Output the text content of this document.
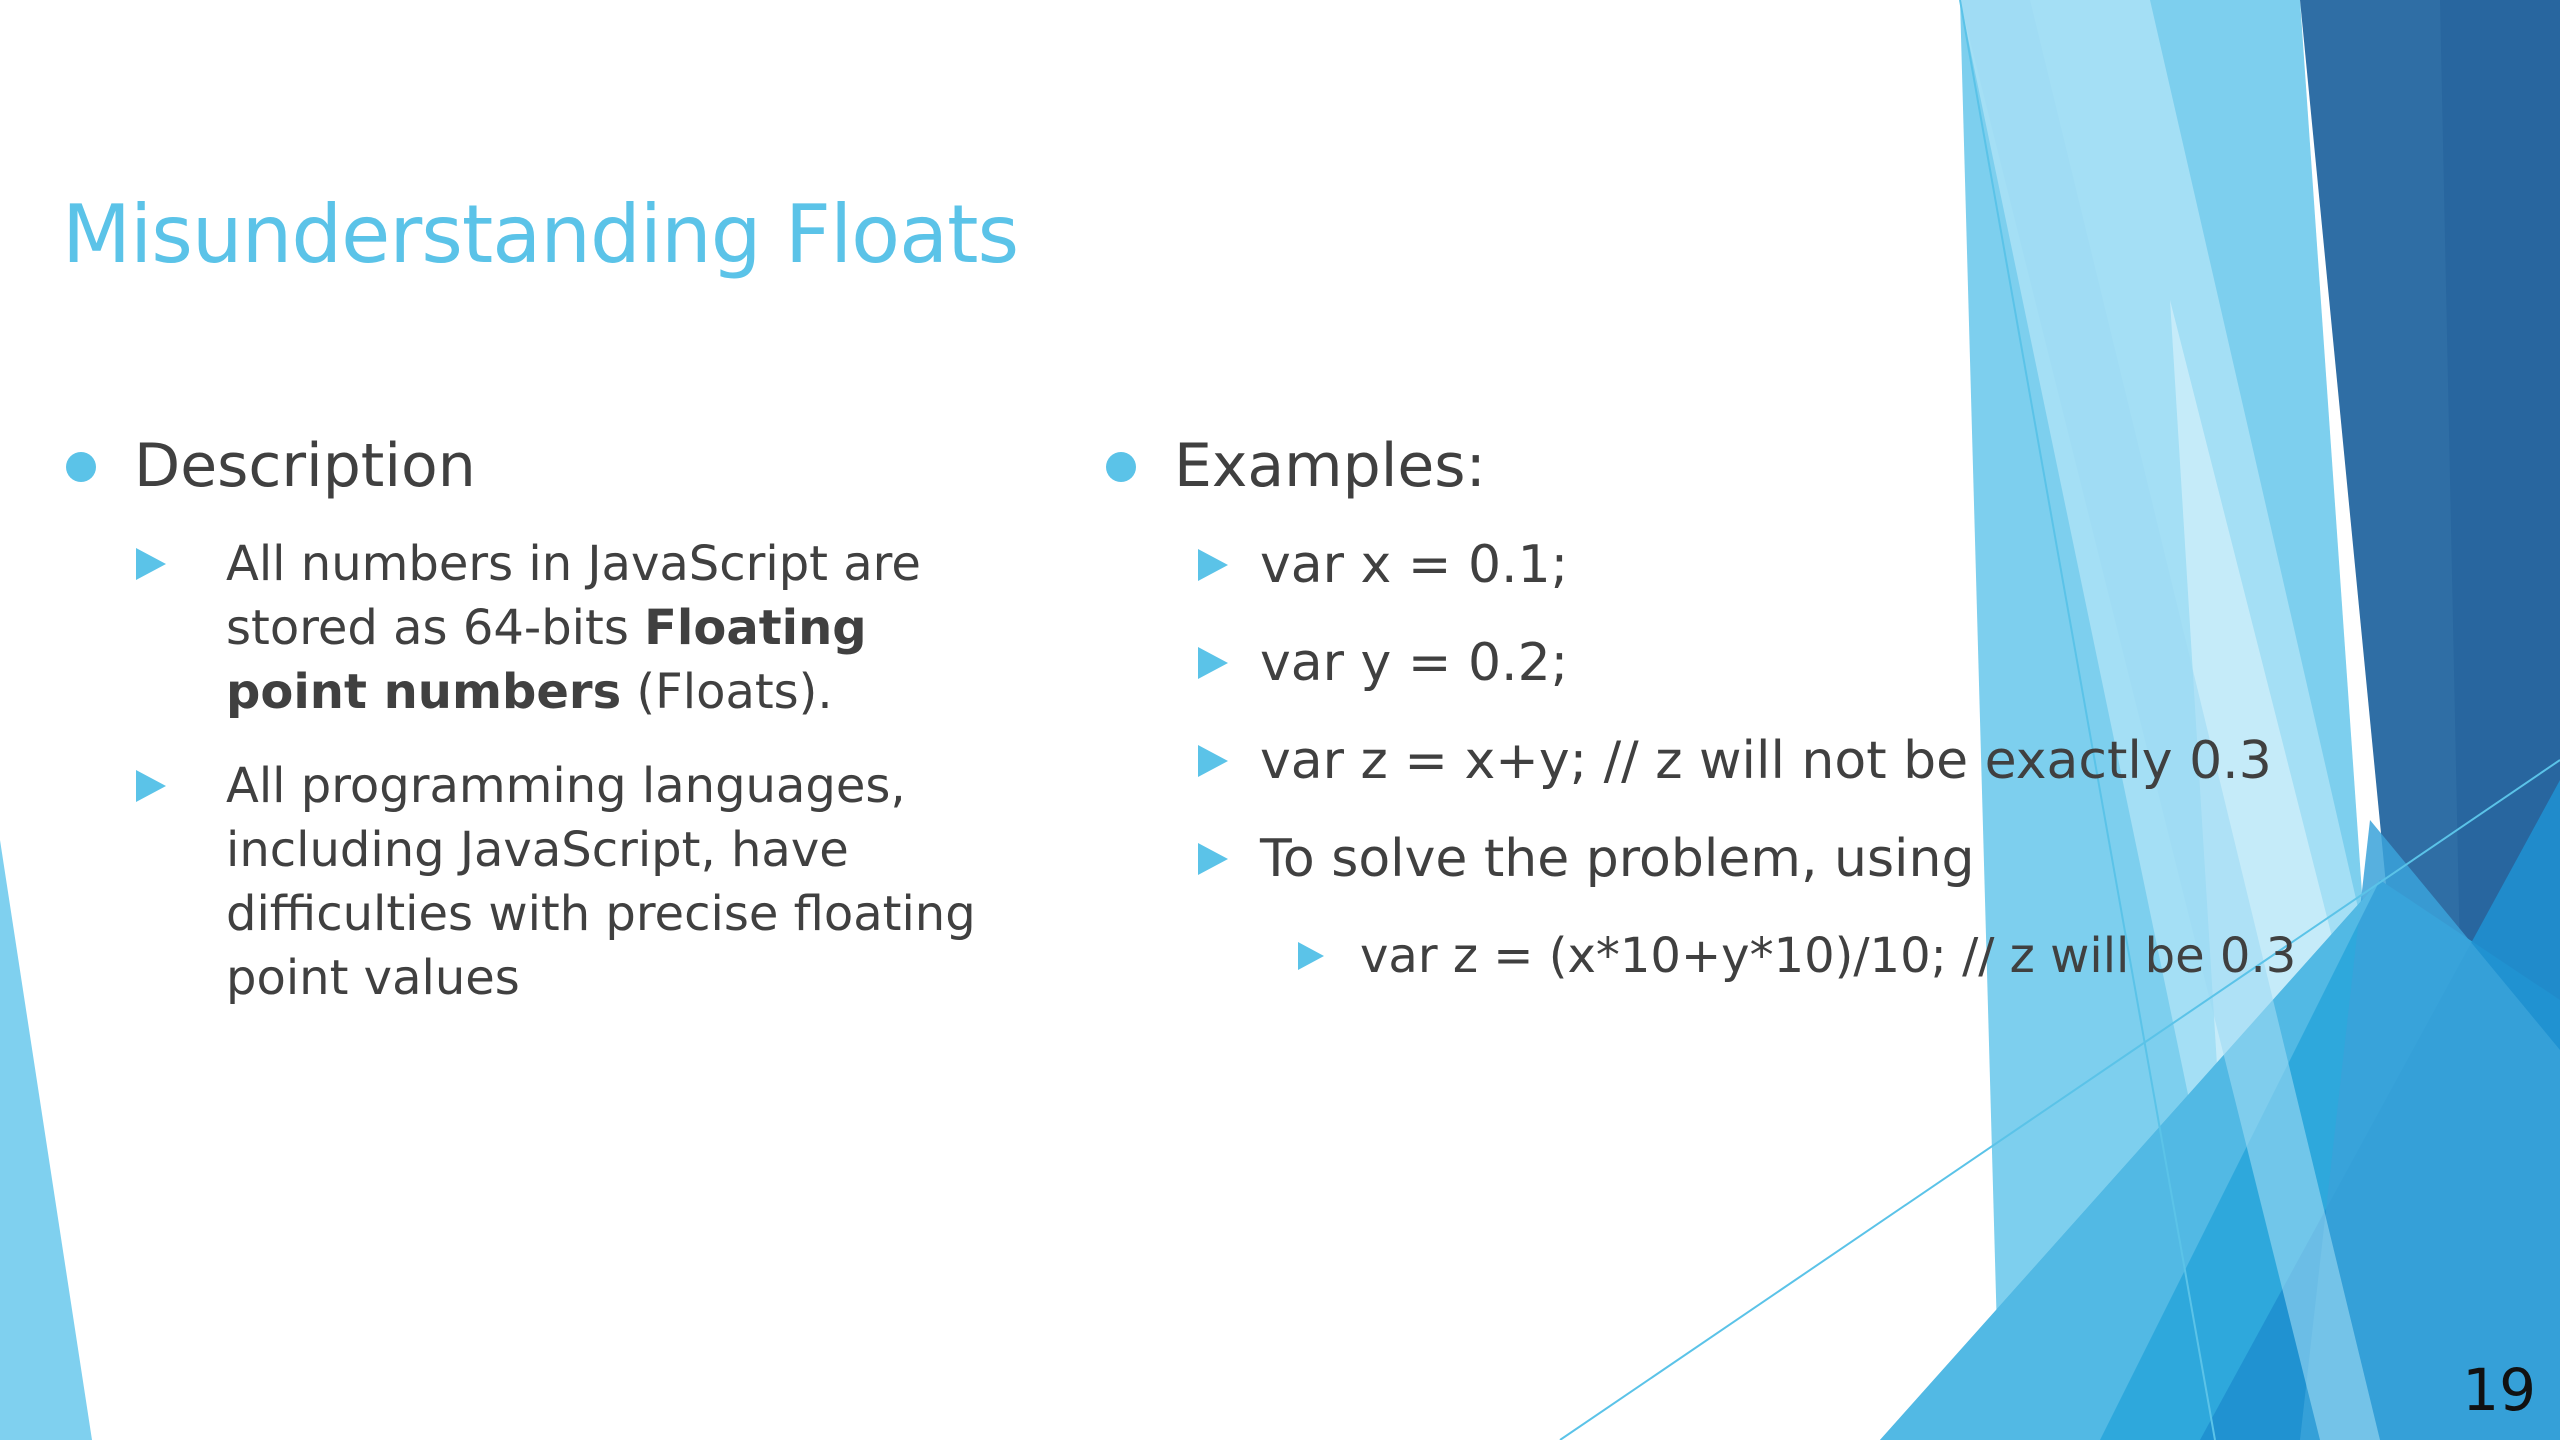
Misunderstanding Floats
Description
All numbers in JavaScript are stored as 64-bits Floating point numbers (Floats).
All programming languages, including JavaScript, have difficulties with precise floating point values
Examples:
var x = 0.1;
var y = 0.2;
var z = x+y; // z will not be exactly 0.3
To solve the problem, using
var z = (x*10+y*10)/10; // z will be 0.3
19
